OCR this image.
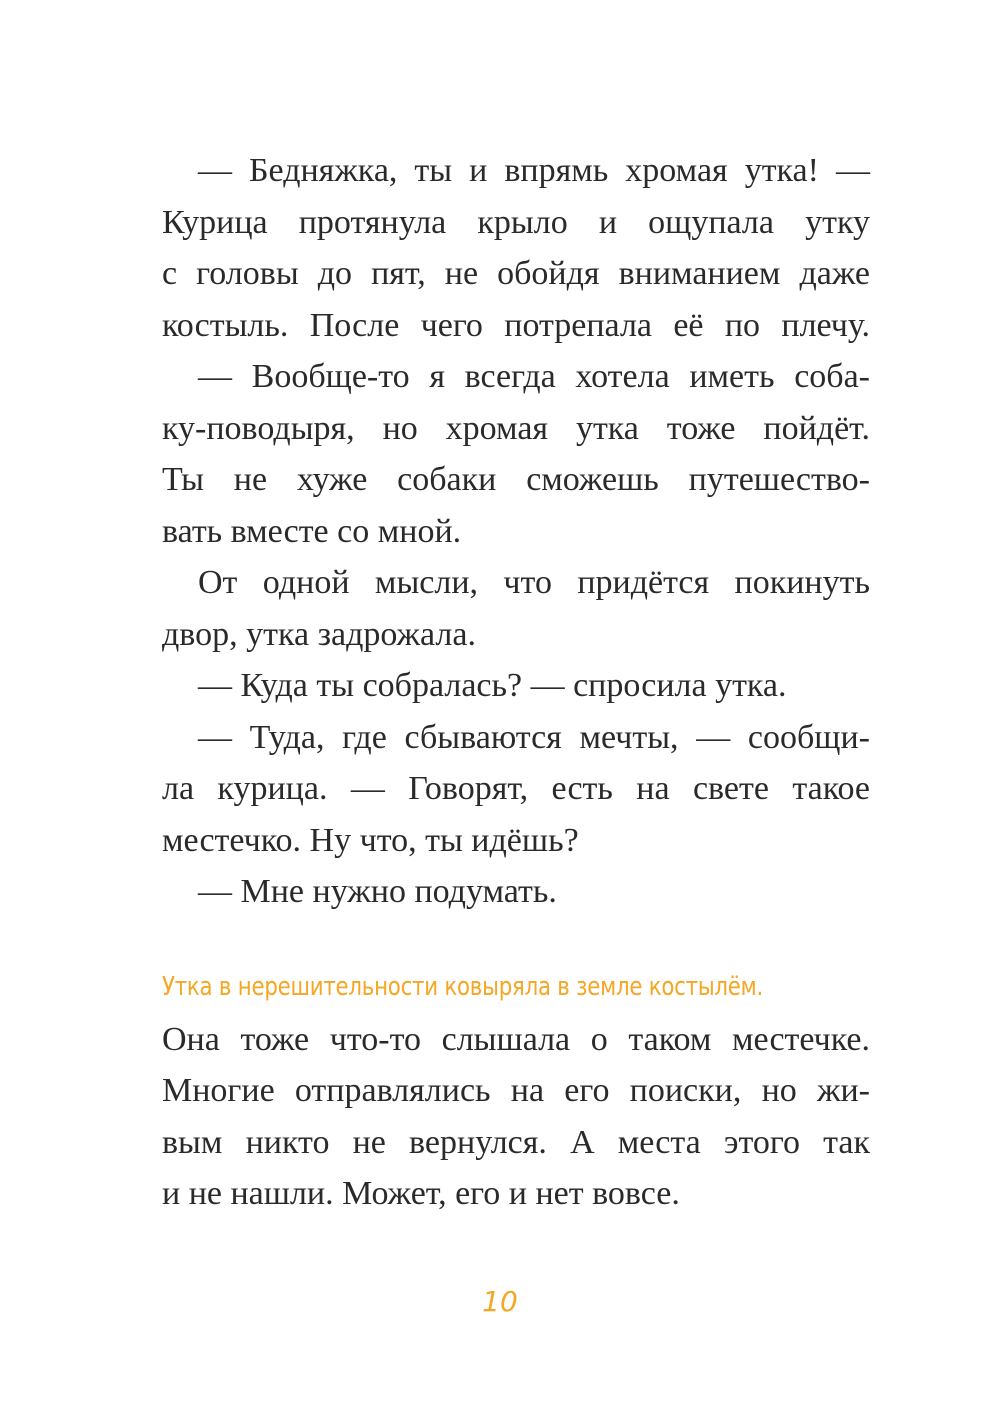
— Бедняжка, ты и впрямь хромая утка! —
Курица протянула крыло и ощупала утку
с головы до пят, не обойдя вниманием даже
костыль. После чего потрепала её по плечу.
— Вообще-то я всегда хотела иметь соба-
ку-поводыря, но хромая утка тоже пойдёт.
Ты не хуже собаки сможешь путешество-
вать вместе со мной.
От одной мысли, что придётся покинуть
двор, утка задрожала.
— Куда ты собралась? — спросила утка.
— Туда, где сбываются мечты, — сообщи-
ла курица. — Говорят, есть на свете такое
местечко. Ну что, ты идёшь?
— Мне нужно подумать.
Утка в нерешительности ковыряла в земле костылём.
Она тоже что-то слышала о таком местечке.
Многие отправлялись на его поиски, но жи-
вым никто не вернулся. А места этого так
и не нашли. Может, его и нет вовсе.
10
